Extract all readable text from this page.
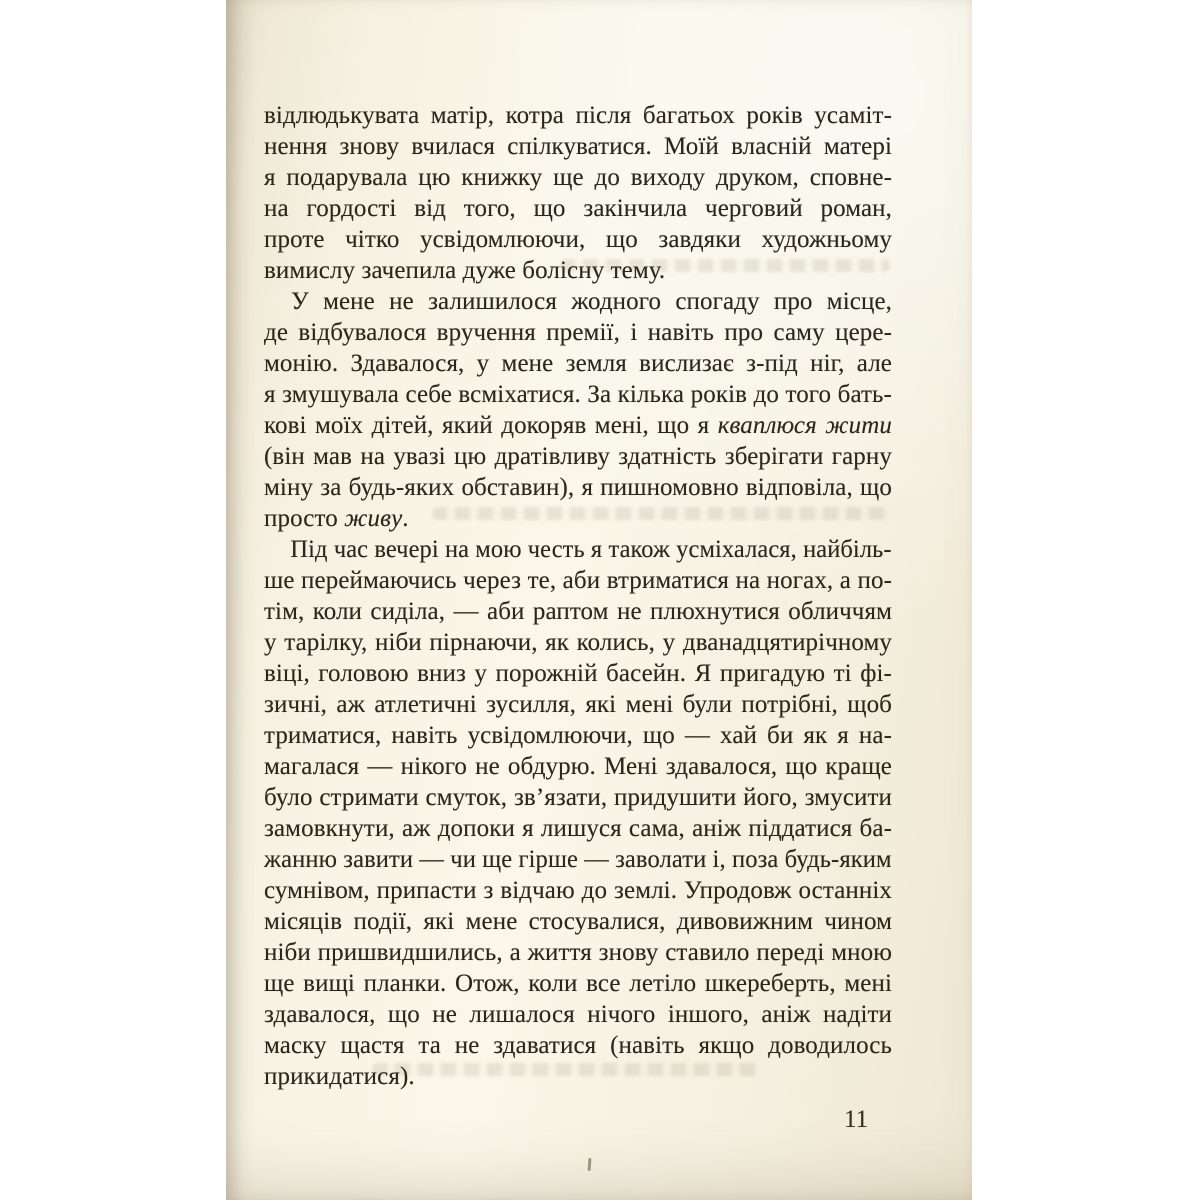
відлюдькувата матір, котра після багатьох років усаміт-
нення знову вчилася спілкуватися. Моїй власній матері
я подарувала цю книжку ще до виходу друком, сповне-
на гордості від того, що закінчила черговий роман,
проте чітко усвідомлюючи, що завдяки художньому
вимислу зачепила дуже болісну тему.
У мене не залишилося жодного спогаду про місце,
де відбувалося вручення премії, і навіть про саму цере-
монію. Здавалося, у мене земля вислизає з-під ніг, але
я змушувала себе всміхатися. За кілька років до того бать-
кові моїх дітей, який докоряв мені, що я кваплюся жити
(він мав на увазі цю дратівливу здатність зберігати гарну
міну за будь-яких обставин), я пишномовно відповіла, що
просто живу.
Під час вечері на мою честь я також усміхалася, найбіль-
ше переймаючись через те, аби втриматися на ногах, а по-
тім, коли сиділа, — аби раптом не плюхнутися обличчям
у тарілку, ніби пірнаючи, як колись, у дванадцятирічному
віці, головою вниз у порожній басейн. Я пригадую ті фі-
зичні, аж атлетичні зусилля, які мені були потрібні, щоб
триматися, навіть усвідомлюючи, що — хай би як я на-
магалася — нікого не обдурю. Мені здавалося, що краще
було стримати смуток, зв’язати, придушити його, змусити
замовкнути, аж допоки я лишуся сама, аніж піддатися ба-
жанню завити — чи ще гірше — заволати і, поза будь-яким
сумнівом, припасти з відчаю до землі. Упродовж останніх
місяців події, які мене стосувалися, дивовижним чином
ніби пришвидшились, а життя знову ставило переді мною
ще вищі планки. Отож, коли все летіло шкереберть, мені
здавалося, що не лишалося нічого іншого, аніж надіти
маску щастя та не здаватися (навіть якщо доводилось
прикидатися).
11
